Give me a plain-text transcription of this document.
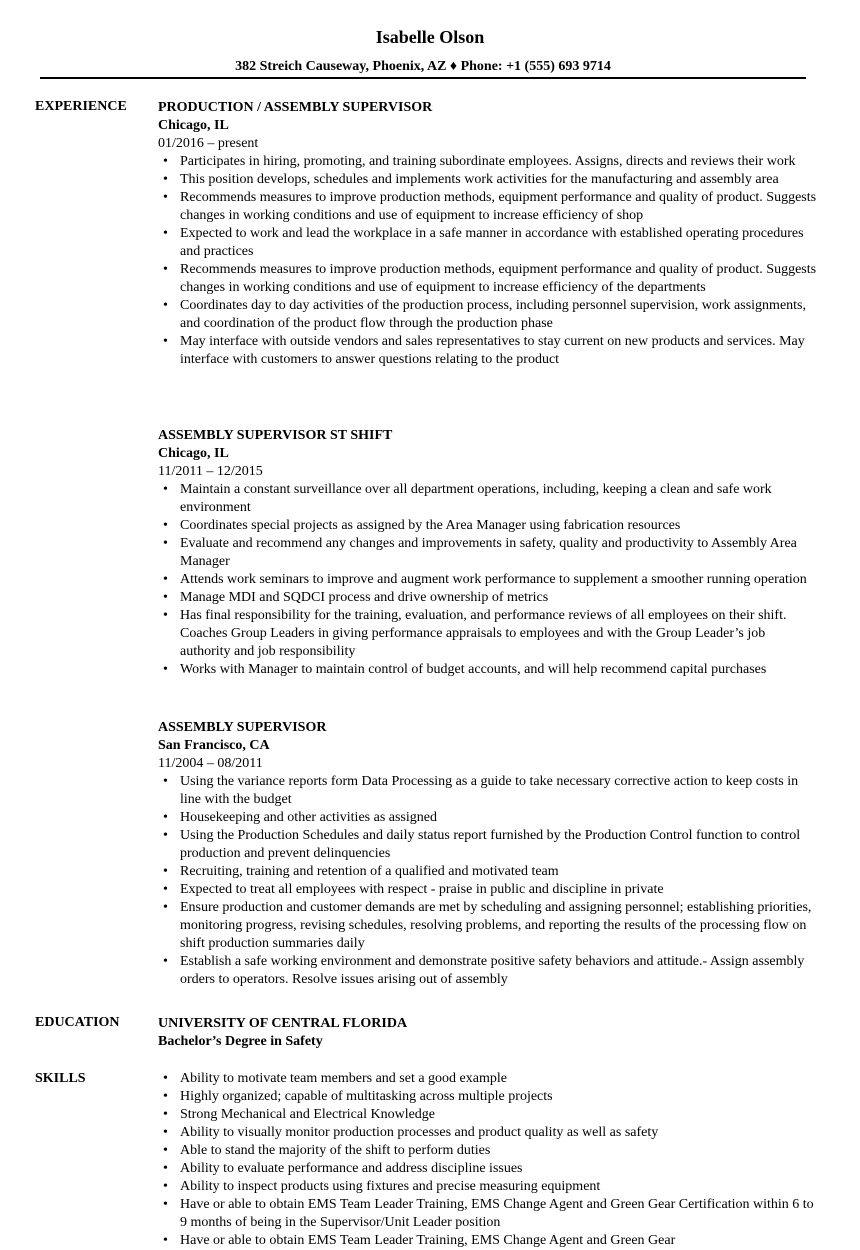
Isabelle Olson
382 Streich Causeway, Phoenix, AZ ♦ Phone: +1 (555) 693 9714
EXPERIENCE	PRODUCTION / ASSEMBLY SUPERVISOR
Chicago, IL
01/2016 – present
• Participates in hiring, promoting, and training subordinate employees. Assigns, directs and reviews their work
• This position develops, schedules and implements work activities for the manufacturing and assembly area
• Recommends measures to improve production methods, equipment performance and quality of product. Suggests changes in working conditions and use of equipment to increase efficiency of shop
• Expected to work and lead the workplace in a safe manner in accordance with established operating procedures and practices
• Recommends measures to improve production methods, equipment performance and quality of product. Suggests changes in working conditions and use of equipment to increase efficiency of the departments
• Coordinates day to day activities of the production process, including personnel supervision, work assignments, and coordination of the product flow through the production phase
• May interface with outside vendors and sales representatives to stay current on new products and services. May interface with customers to answer questions relating to the product
ASSEMBLY SUPERVISOR ST SHIFT
Chicago, IL
11/2011 – 12/2015
• Maintain a constant surveillance over all department operations, including, keeping a clean and safe work environment
• Coordinates special projects as assigned by the Area Manager using fabrication resources
• Evaluate and recommend any changes and improvements in safety, quality and productivity to Assembly Area Manager
• Attends work seminars to improve and augment work performance to supplement a smoother running operation
• Manage MDI and SQDCI process and drive ownership of metrics
• Has final responsibility for the training, evaluation, and performance reviews of all employees on their shift. Coaches Group Leaders in giving performance appraisals to employees and with the Group Leader’s job authority and job responsibility
• Works with Manager to maintain control of budget accounts, and will help recommend capital purchases
ASSEMBLY SUPERVISOR
San Francisco, CA
11/2004 – 08/2011
• Using the variance reports form Data Processing as a guide to take necessary corrective action to keep costs in line with the budget
• Housekeeping and other activities as assigned
• Using the Production Schedules and daily status report furnished by the Production Control function to control production and prevent delinquencies
• Recruiting, training and retention of a qualified and motivated team
• Expected to treat all employees with respect - praise in public and discipline in private
• Ensure production and customer demands are met by scheduling and assigning personnel; establishing priorities, monitoring progress, revising schedules, resolving problems, and reporting the results of the processing flow on shift production summaries daily
• Establish a safe working environment and demonstrate positive safety behaviors and attitude.- Assign assembly orders to operators. Resolve issues arising out of assembly
EDUCATION	UNIVERSITY OF CENTRAL FLORIDA
Bachelor’s Degree in Safety
SKILLS
•	Ability to motivate team members and set a good example
• Highly organized; capable of multitasking across multiple projects
• Strong Mechanical and Electrical Knowledge
• Ability to visually monitor production processes and product quality as well as safety
• Able to stand the majority of the shift to perform duties
• Ability to evaluate performance and address discipline issues
• Ability to inspect products using fixtures and precise measuring equipment
• Have or able to obtain EMS Team Leader Training, EMS Change Agent and Green Gear Certification within 6 to 9 months of being in the Supervisor/Unit Leader position
• Have or able to obtain EMS Team Leader Training, EMS Change Agent and Green Gear
